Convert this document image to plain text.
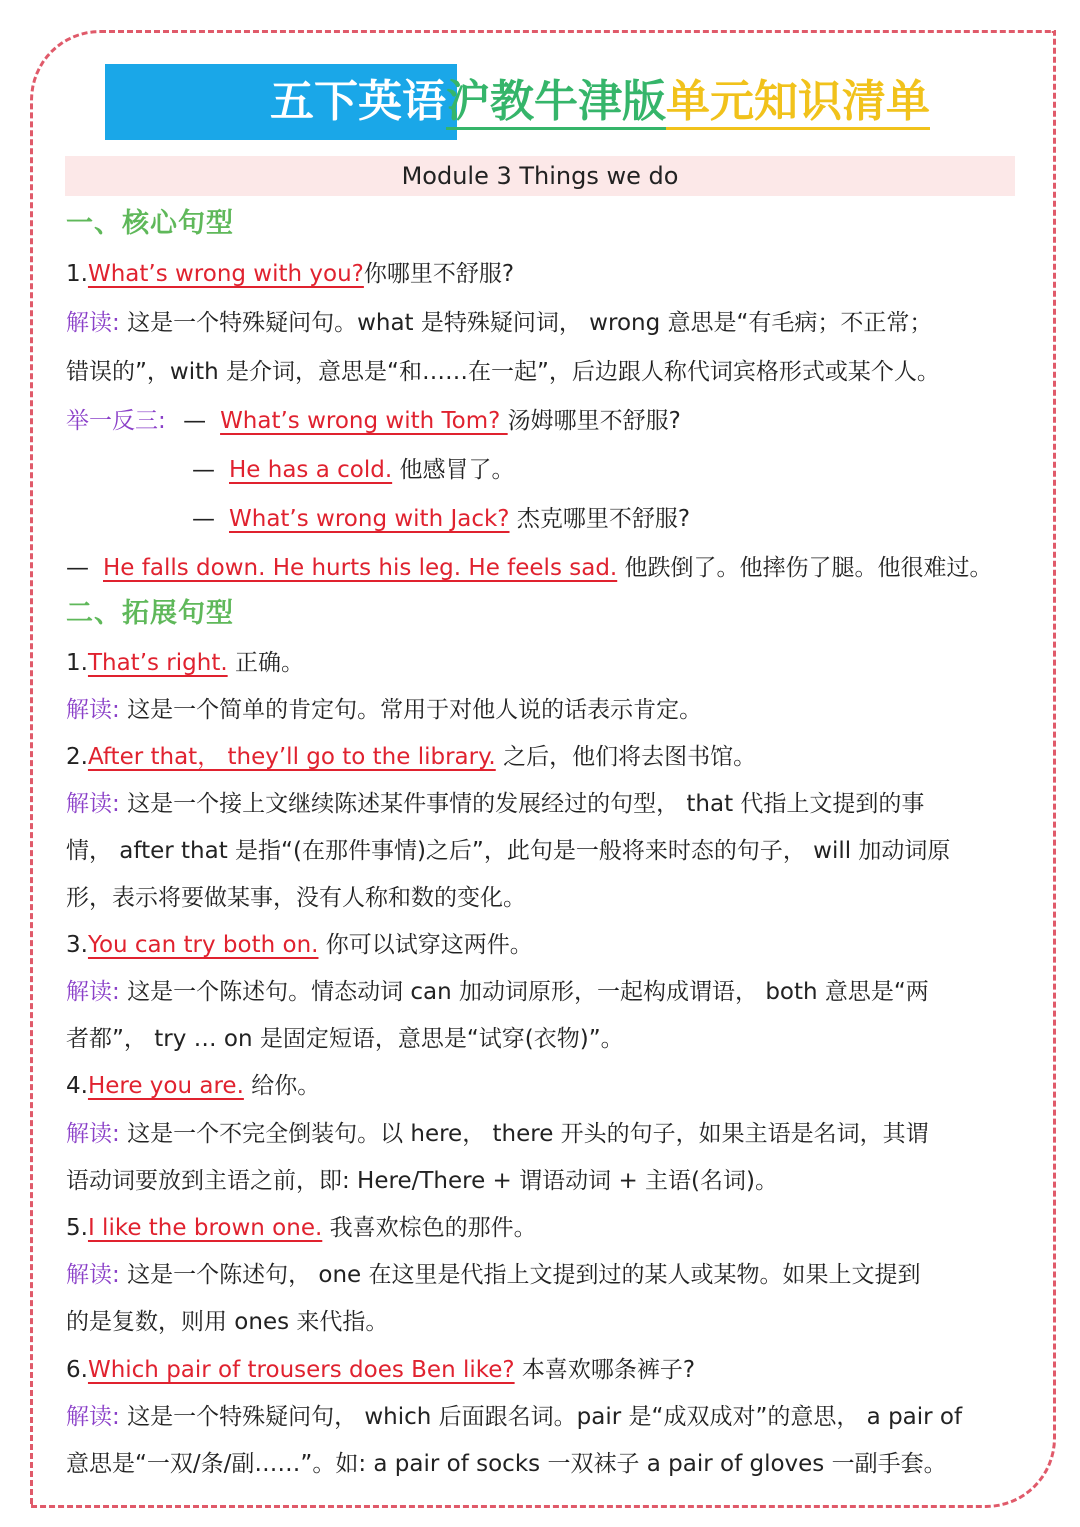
五下英语沪教牛津版单元知识清单
Module 3 Things we do
一、核心句型
1.What’s wrong with you?你哪里不舒服?
解读: 这是一个特殊疑问句。what 是特殊疑问词， wrong 意思是“有毛病；不正常；
错误的”，with 是介词，意思是“和……在一起”，后边跟人称代词宾格形式或某个人。
举一反三: — What’s wrong with Tom? 汤姆哪里不舒服?
— He has a cold. 他感冒了。
— What’s wrong with Jack? 杰克哪里不舒服?
— He falls down. He hurts his leg. He feels sad. 他跌倒了。他摔伤了腿。他很难过。
二、拓展句型
1.That’s right. 正确。
解读: 这是一个简单的肯定句。常用于对他人说的话表示肯定。
2.After that， they’ll go to the library. 之后，他们将去图书馆。
解读: 这是一个接上文继续陈述某件事情的发展经过的句型， that 代指上文提到的事
情， after that 是指“(在那件事情)之后”，此句是一般将来时态的句子， will 加动词原
形，表示将要做某事，没有人称和数的变化。
3.You can try both on. 你可以试穿这两件。
解读: 这是一个陈述句。情态动词 can 加动词原形，一起构成谓语， both 意思是“两
者都”， try … on 是固定短语，意思是“试穿(衣物)”。
4.Here you are. 给你。
解读: 这是一个不完全倒装句。以 here， there 开头的句子，如果主语是名词，其谓
语动词要放到主语之前，即: Here/There + 谓语动词 + 主语(名词)。
5.I like the brown one. 我喜欢棕色的那件。
解读: 这是一个陈述句， one 在这里是代指上文提到过的某人或某物。如果上文提到
的是复数，则用 ones 来代指。
6.Which pair of trousers does Ben like? 本喜欢哪条裤子?
解读: 这是一个特殊疑问句， which 后面跟名词。pair 是“成双成对”的意思， a pair of
意思是“一双/条/副……”。如: a pair of socks 一双袜子 a pair of gloves 一副手套。
